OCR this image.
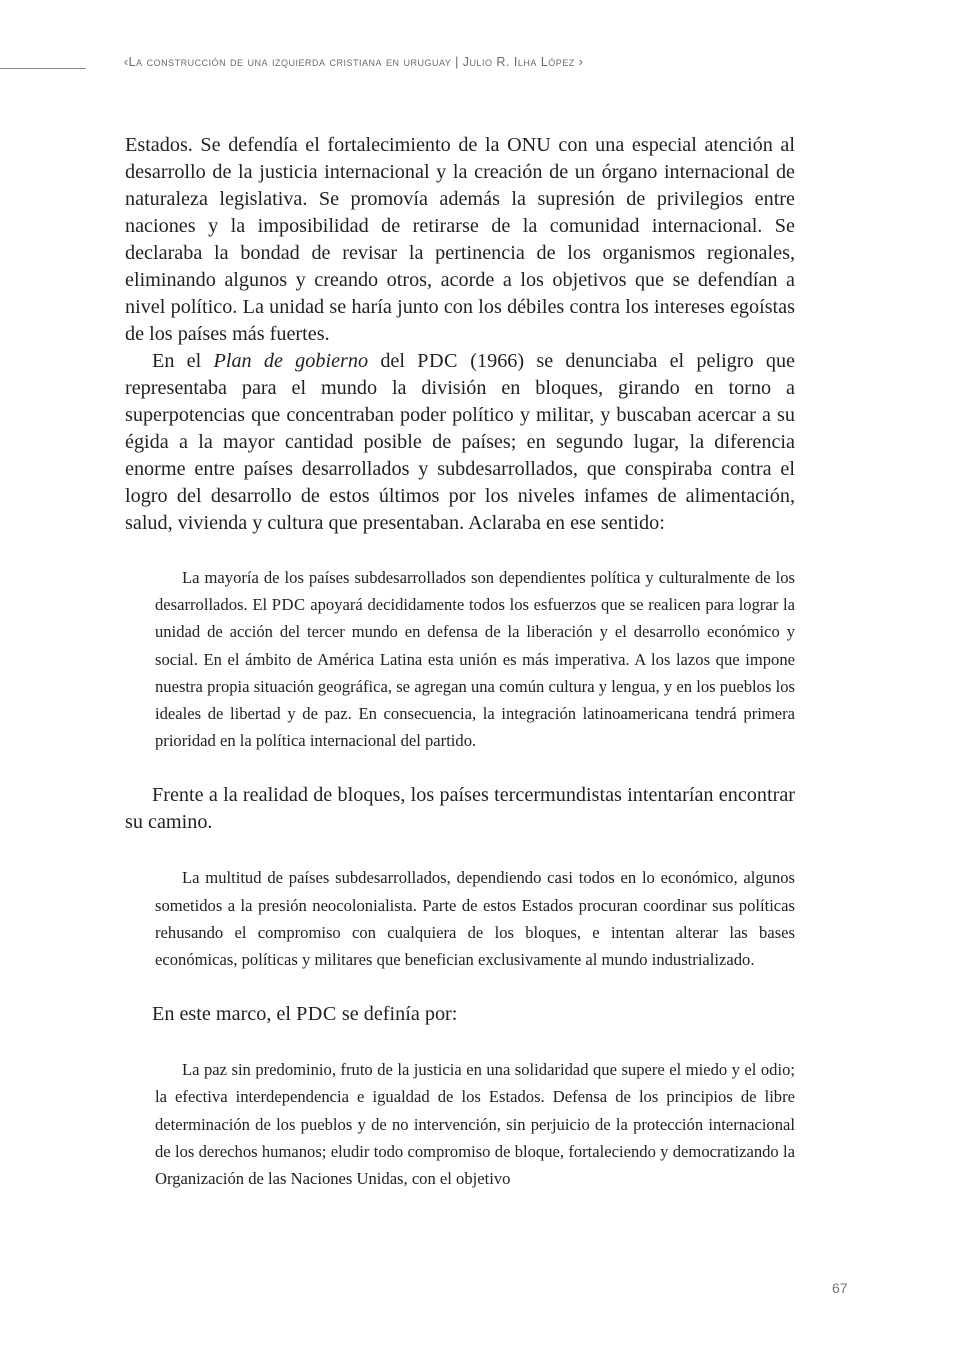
‹La construcción de una izquierda cristiana en uruguay | Julio R. Ilha López ›

Estados. Se defendía el fortalecimiento de la ONU con una especial atención al desarrollo de la justicia internacional y la creación de un órgano internacional de naturaleza legislativa. Se promovía además la supresión de privilegios entre naciones y la imposibilidad de retirarse de la comunidad internacional. Se declaraba la bondad de revisar la pertinencia de los organismos regionales, eliminando algunos y creando otros, acorde a los objetivos que se defendían a nivel político. La unidad se haría junto con los débiles contra los intereses egoístas de los países más fuertes.

En el Plan de gobierno del PDC (1966) se denunciaba el peligro que representaba para el mundo la división en bloques, girando en torno a superpotencias que concentraban poder político y militar, y buscaban acercar a su égida a la mayor cantidad posible de países; en segundo lugar, la diferencia enorme entre países desarrollados y subdesarrollados, que conspiraba contra el logro del desarrollo de estos últimos por los niveles infames de alimentación, salud, vivienda y cultura que presentaban. Aclaraba en ese sentido:

La mayoría de los países subdesarrollados son dependientes política y culturalmente de los desarrollados. El PDC apoyará decididamente todos los esfuerzos que se realicen para lograr la unidad de acción del tercer mundo en defensa de la liberación y el desarrollo económico y social. En el ámbito de América Latina esta unión es más imperativa. A los lazos que impone nuestra propia situación geográfica, se agregan una común cultura y lengua, y en los pueblos los ideales de libertad y de paz. En consecuencia, la integración latinoamericana tendrá primera prioridad en la política internacional del partido.

Frente a la realidad de bloques, los países tercermundistas intentarían encontrar su camino.

La multitud de países subdesarrollados, dependiendo casi todos en lo económico, algunos sometidos a la presión neocolonialista. Parte de estos Estados procuran coordinar sus políticas rehusando el compromiso con cualquiera de los bloques, e intentan alterar las bases económicas, políticas y militares que benefician exclusivamente al mundo industrializado.

En este marco, el PDC se definía por:

La paz sin predominio, fruto de la justicia en una solidaridad que supere el miedo y el odio; la efectiva interdependencia e igualdad de los Estados. Defensa de los principios de libre determinación de los pueblos y de no intervención, sin perjuicio de la protección internacional de los derechos humanos; eludir todo compromiso de bloque, fortaleciendo y democratizando la Organización de las Naciones Unidas, con el objetivo

67
